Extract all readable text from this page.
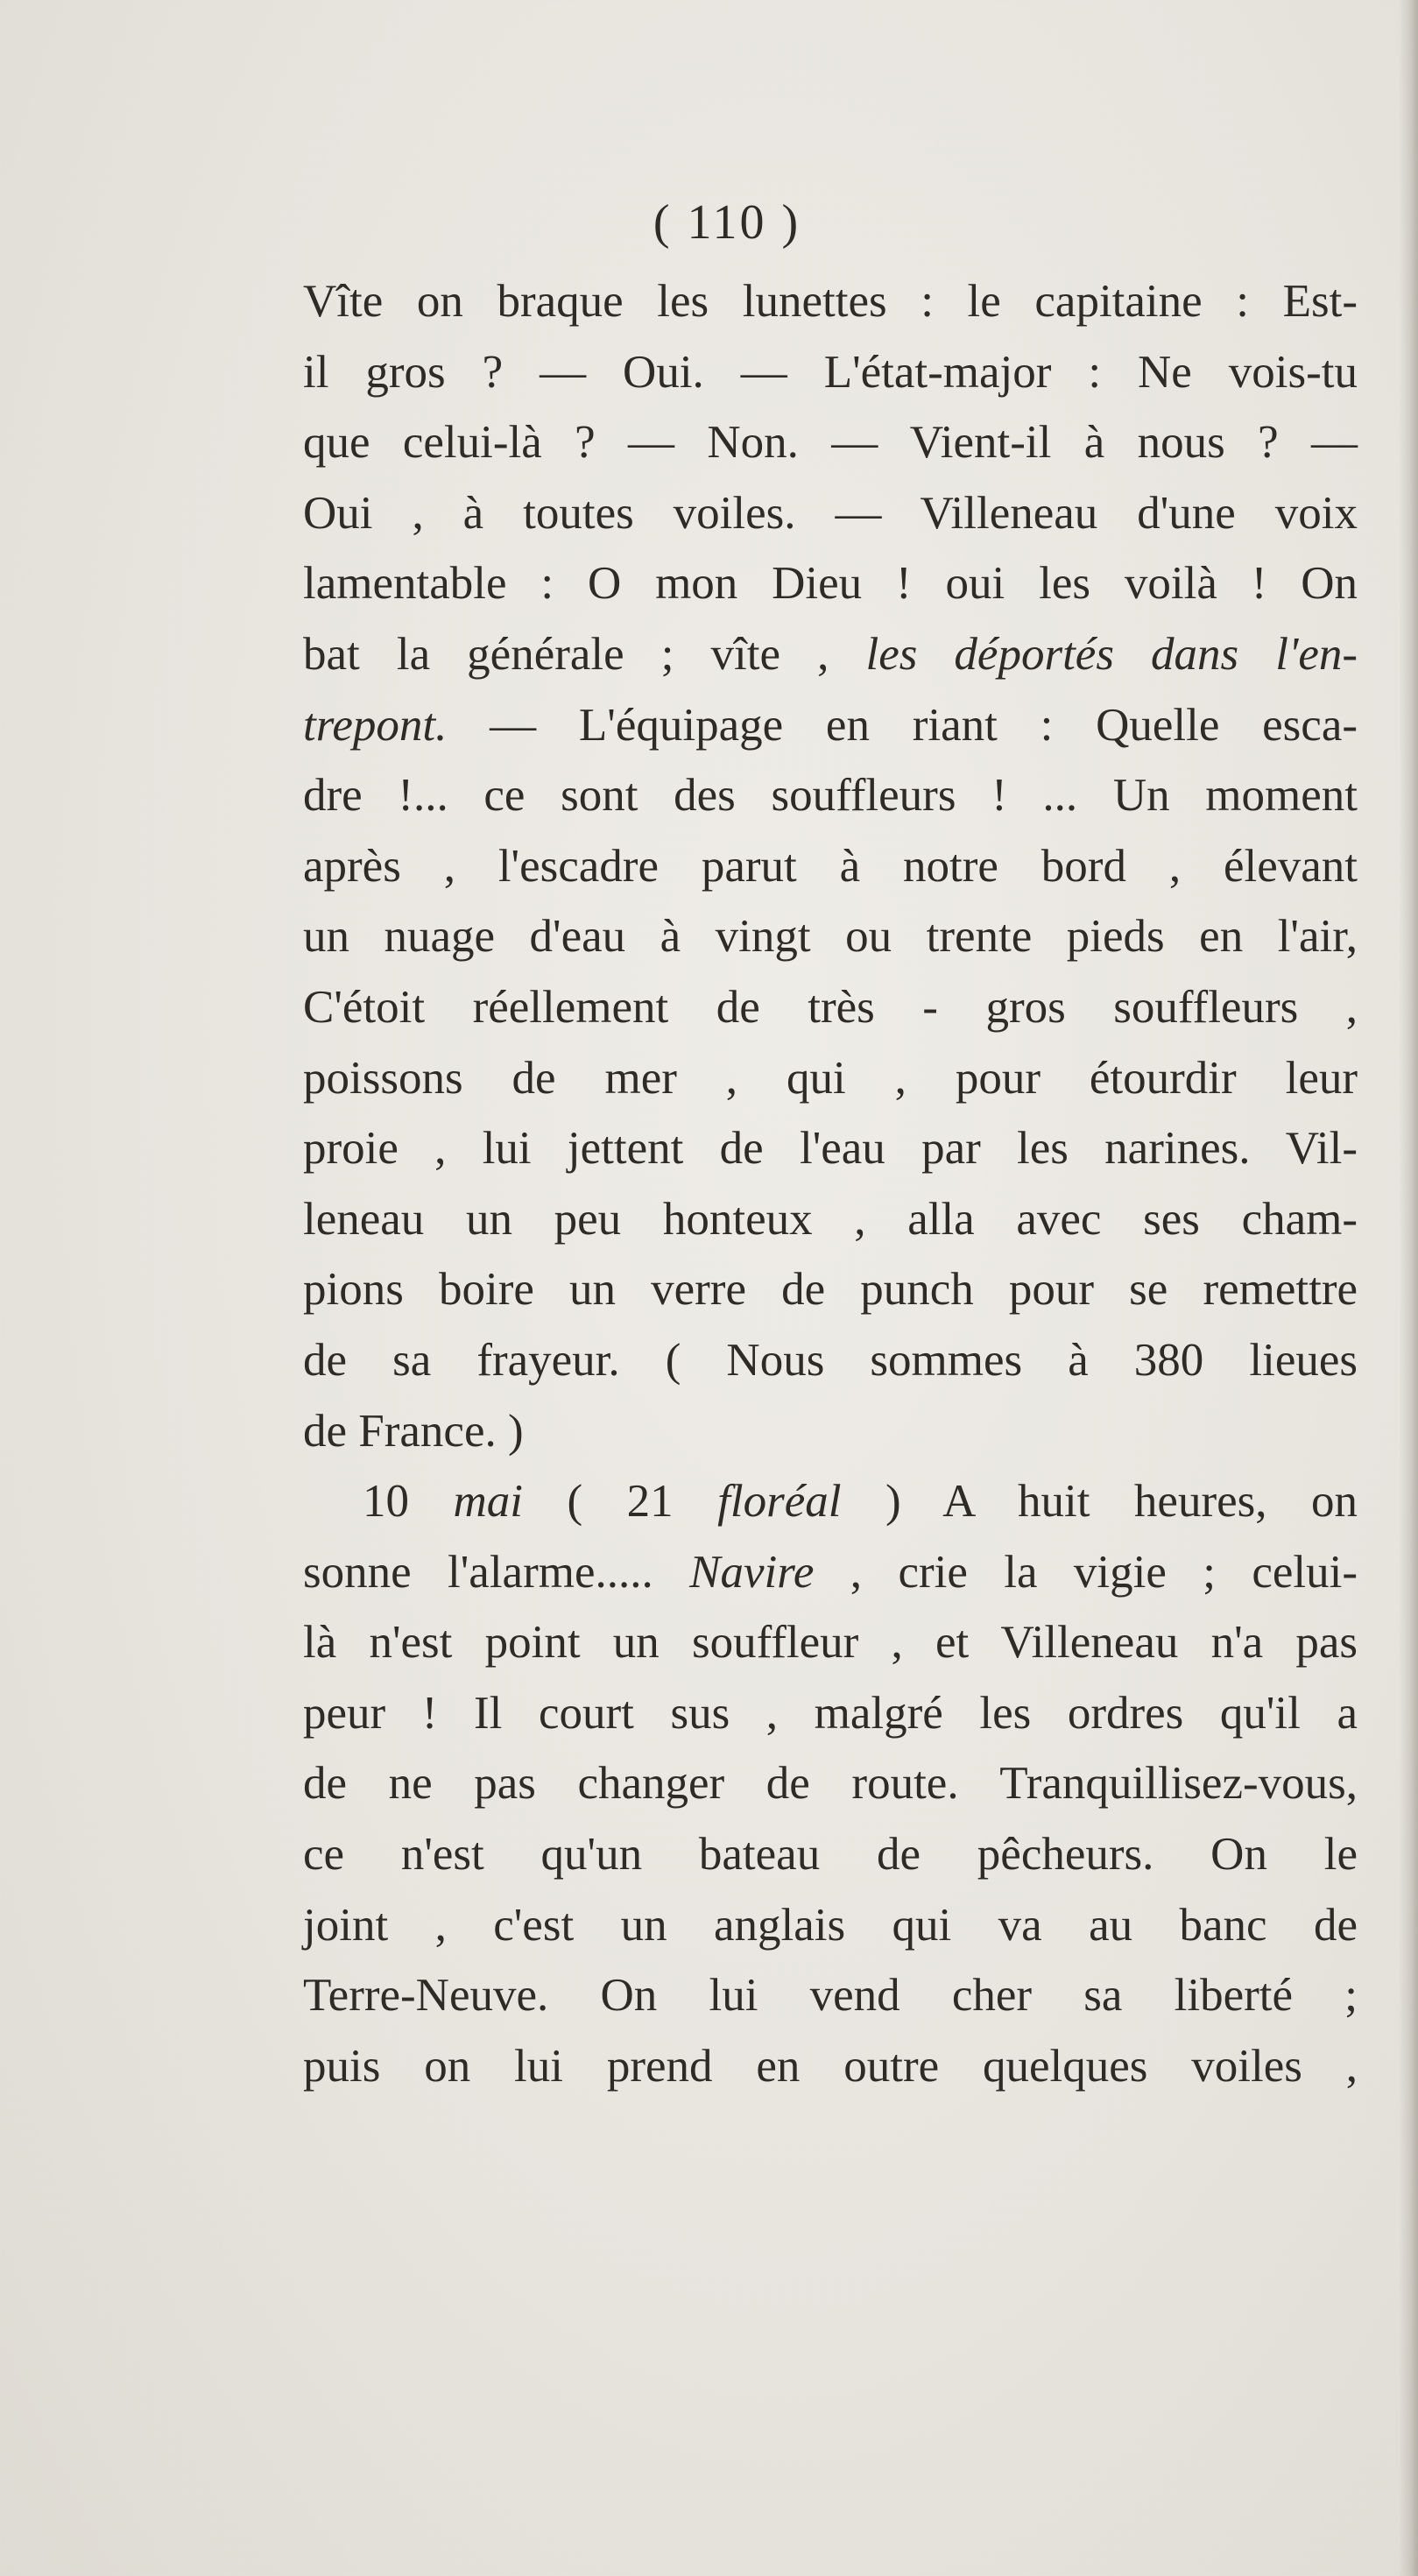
( 110 )
Vîte on braque les lunettes : le capitaine : Est-
il gros ? — Oui. — L'état-major : Ne vois-tu
que celui-là ? — Non. — Vient-il à nous ? —
Oui , à toutes voiles. — Villeneau d'une voix
lamentable : O mon Dieu ! oui les voilà ! On
bat la générale ; vîte , les déportés dans l'en-
trepont. — L'équipage en riant : Quelle esca-
dre !... ce sont des souffleurs ! ... Un moment
après , l'escadre parut à notre bord , élevant
un nuage d'eau à vingt ou trente pieds en l'air,
C'étoit réellement de très - gros souffleurs ,
poissons de mer , qui , pour étourdir leur
proie , lui jettent de l'eau par les narines. Vil-
leneau un peu honteux , alla avec ses cham-
pions boire un verre de punch pour se remettre
de sa frayeur. ( Nous sommes à 380 lieues
de France. )
10 mai ( 21 floréal ) A huit heures, on
sonne l'alarme..... Navire , crie la vigie ; celui-
là n'est point un souffleur , et Villeneau n'a pas
peur ! Il court sus , malgré les ordres qu'il a
de ne pas changer de route. Tranquillisez-vous,
ce n'est qu'un bateau de pêcheurs. On le
joint , c'est un anglais qui va au banc de
Terre-Neuve. On lui vend cher sa liberté ;
puis on lui prend en outre quelques voiles ,
